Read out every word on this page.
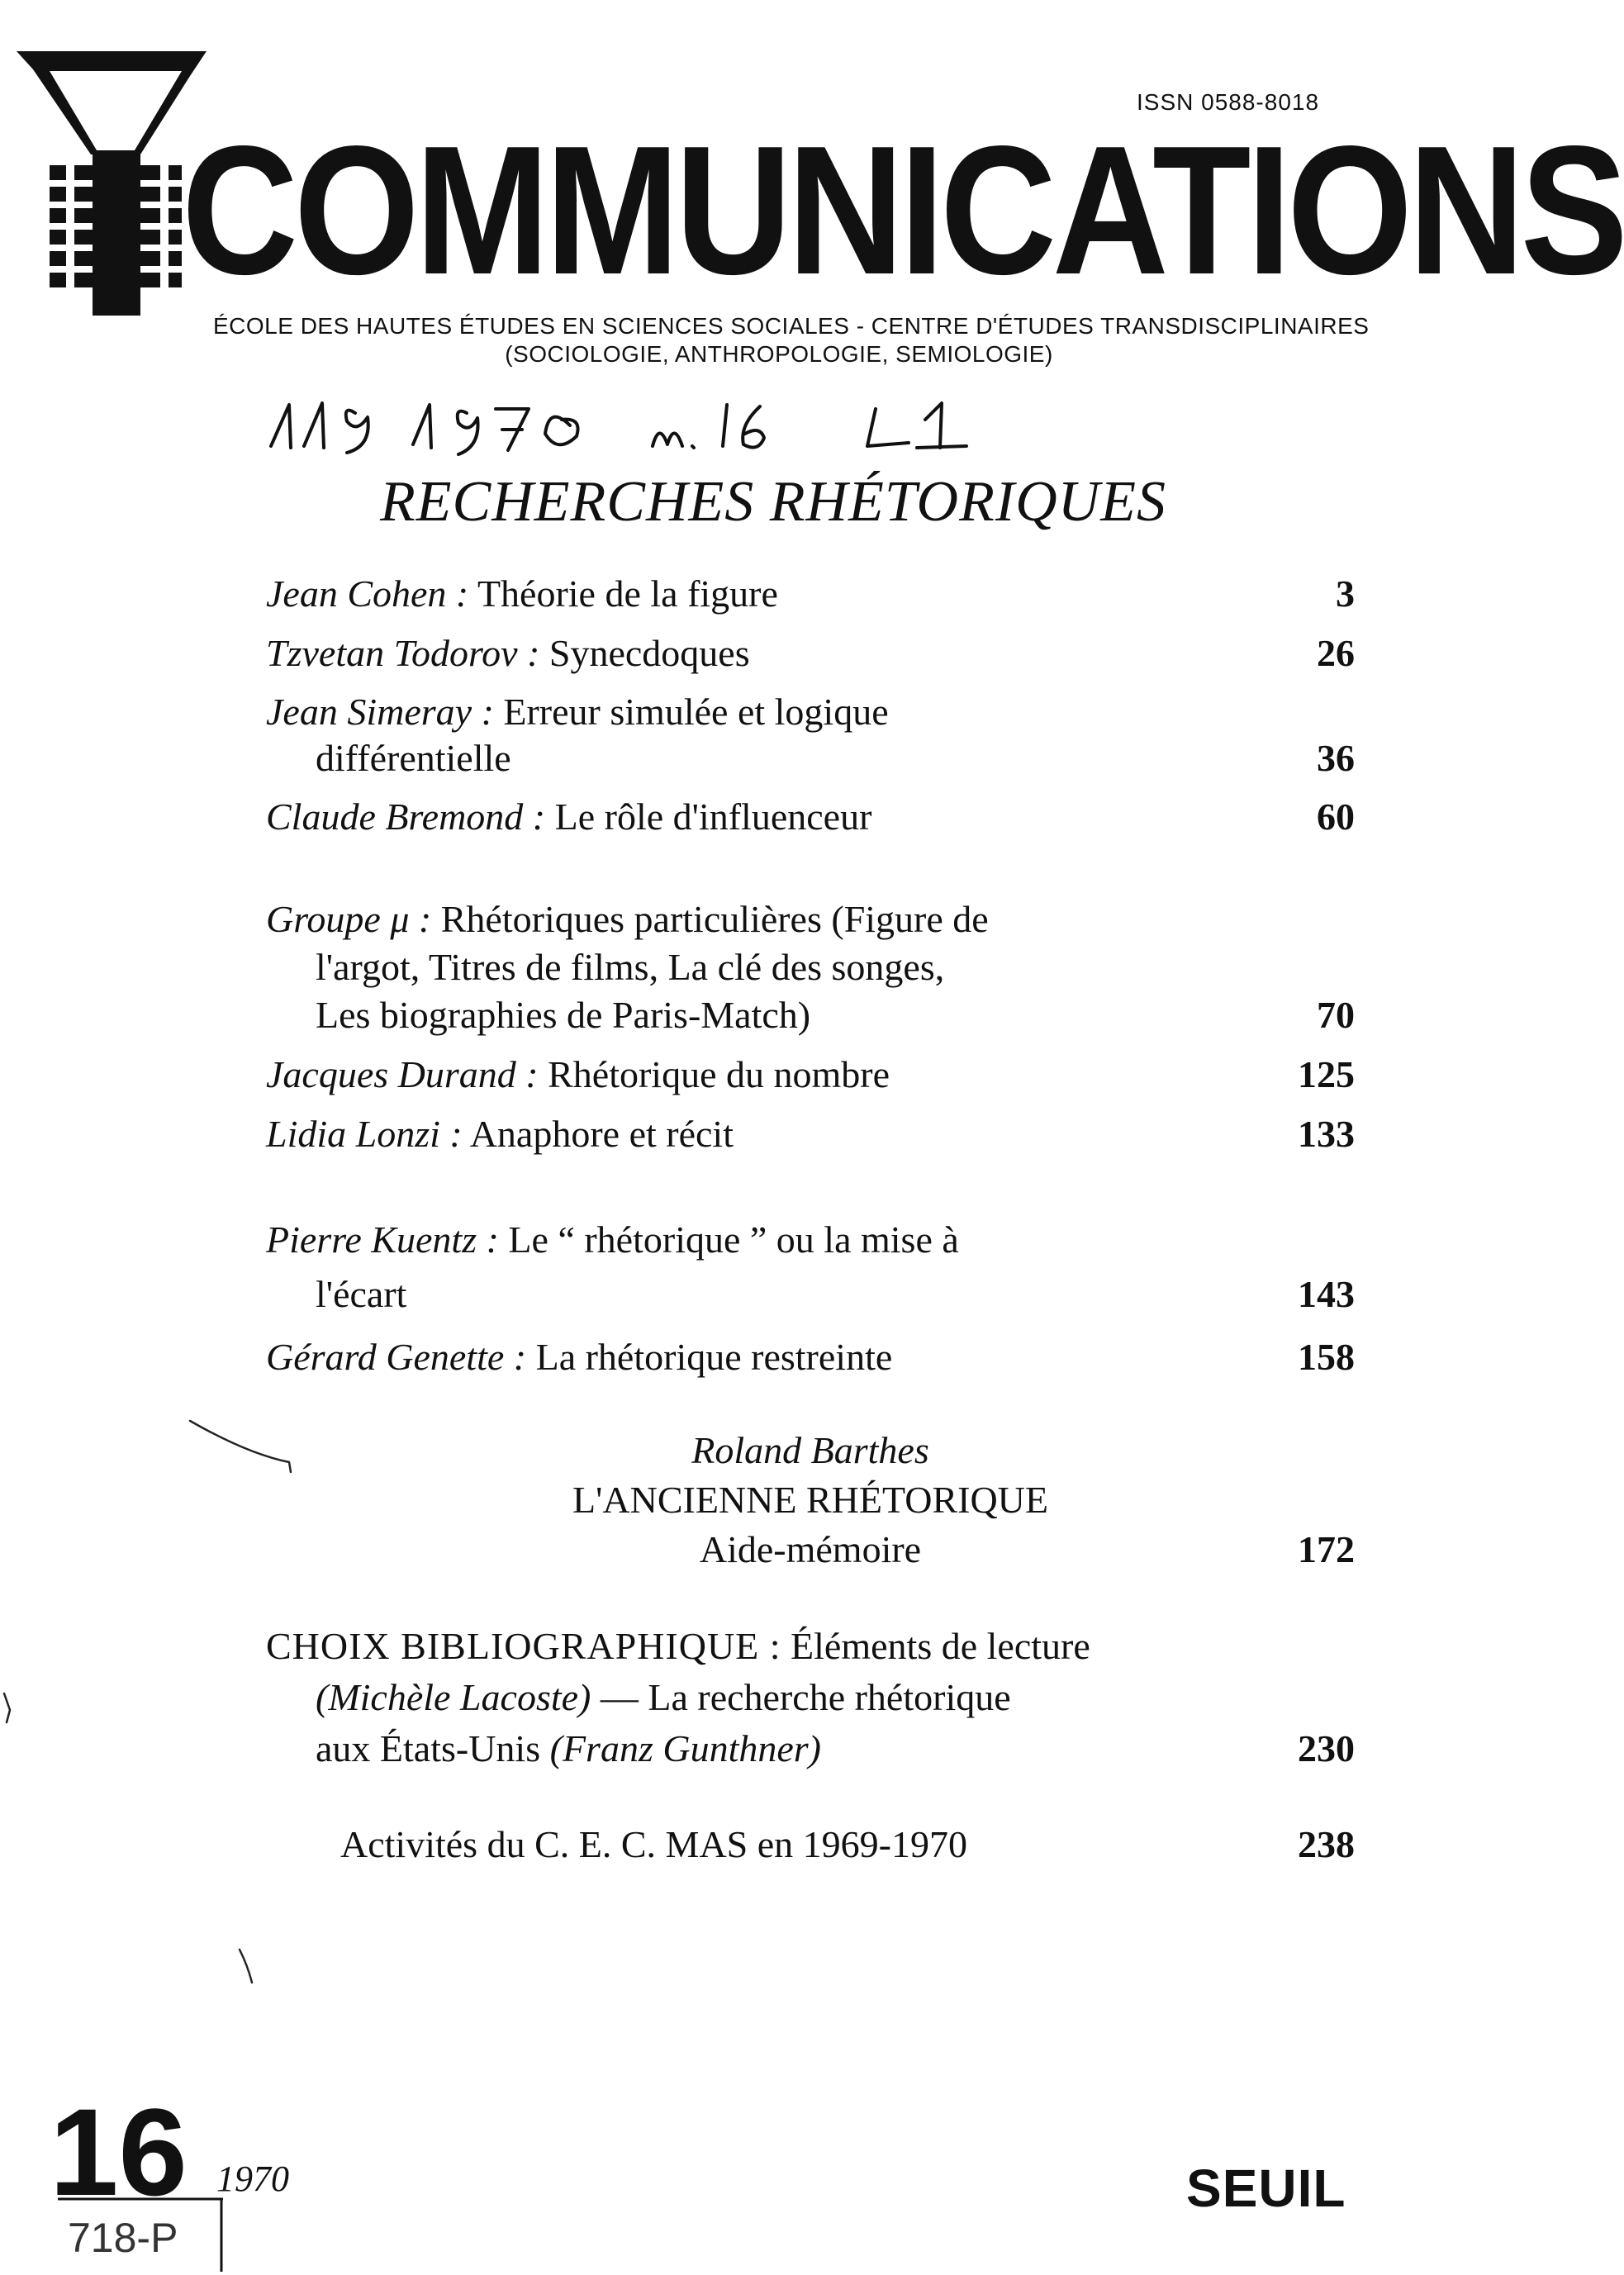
ISSN 0588-8018
COMMUNICATIONS
ÉCOLE DES HAUTES ÉTUDES EN SCIENCES SOCIALES - CENTRE D'ÉTUDES TRANSDISCIPLINAIRES
(SOCIOLOGIE, ANTHROPOLOGIE, SEMIOLOGIE)
RECHERCHES RHÉTORIQUES
Jean Cohen : Théorie de la figure	3
Tzvetan Todorov : Synecdoques	26
Jean Simeray : Erreur simulée et logique
différentielle	36
Claude Bremond : Le rôle d'influenceur	60
Groupe μ : Rhétoriques particulières (Figure de
l'argot, Titres de films, La clé des songes,
Les biographies de Paris-Match)	70
Jacques Durand : Rhétorique du nombre	125
Lidia Lonzi : Anaphore et récit	133
Pierre Kuentz : Le “ rhétorique ” ou la mise à
l'écart	143
Gérard Genette : La rhétorique restreinte	158
Roland Barthes
L'ANCIENNE RHÉTORIQUE
Aide-mémoire	172
CHOIX BIBLIOGRAPHIQUE : Éléments de lecture
(Michèle Lacoste) — La recherche rhétorique
aux États-Unis (Franz Gunthner)	230
Activités du C. E. C. MAS en 1969-1970	238
16 1970
718-P
SEUIL
